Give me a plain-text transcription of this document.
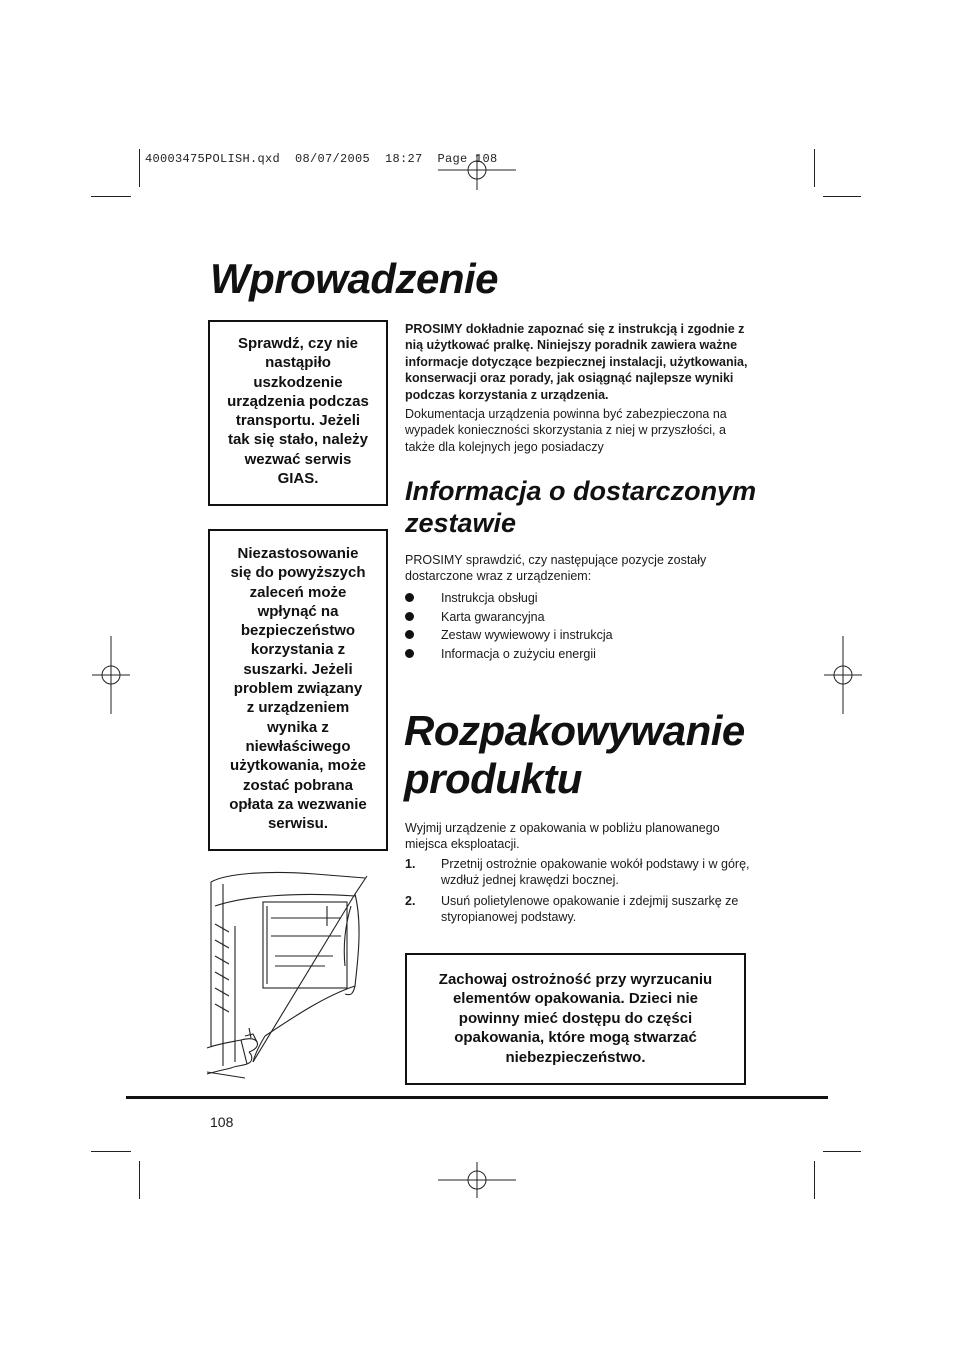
40003475POLISH.qxd  08/07/2005  18:27  Page 108
Wprowadzenie
Sprawdź, czy nie
nastąpiło
uszkodzenie
urządzenia podczas
transportu. Jeżeli
tak się stało, należy
wezwać serwis
GIAS.
Niezastosowanie
się do powyższych
zaleceń może
wpłynąć na
bezpieczeństwo
korzystania z
suszarki. Jeżeli
problem związany
z urządzeniem
wynika z
niewłaściwego
użytkowania, może
zostać pobrana
opłata za wezwanie
serwisu.

PROSIMY dokładnie zapoznać się z instrukcją i zgodnie z nią użytkować pralkę. Niniejszy poradnik zawiera ważne informacje dotyczące bezpiecznej instalacji, użytkowania, konserwacji oraz porady, jak osiągnąć najlepsze wyniki podczas korzystania z urządzenia.

Dokumentacja urządzenia powinna być zabezpieczona na wypadek konieczności skorzystania z niej w przyszłości, a także dla kolejnych jego posiadaczy

Informacja o dostarczonym zestawie

PROSIMY sprawdzić, czy następujące pozycje zostały dostarczone wraz z urządzeniem:

Instrukcja obsługi
Karta gwarancyjna
Zestaw wywiewowy i instrukcja
Informacja o zużyciu energii
Rozpakowywanie produktu

Wyjmij urządzenie z opakowania w pobliżu planowanego miejsca eksploatacji.

1. Przetnij ostrożnie opakowanie wokół podstawy i w górę, wzdłuż jednej krawędzi bocznej.
2. Usuń polietylenowe opakowanie i zdejmij suszarkę ze styropianowej podstawy.
Zachowaj ostrożność przy wyrzucaniu
elementów opakowania. Dzieci nie
powinny mieć dostępu do części
opakowania, które mogą stwarzać
niebezpieczeństwo.
108
